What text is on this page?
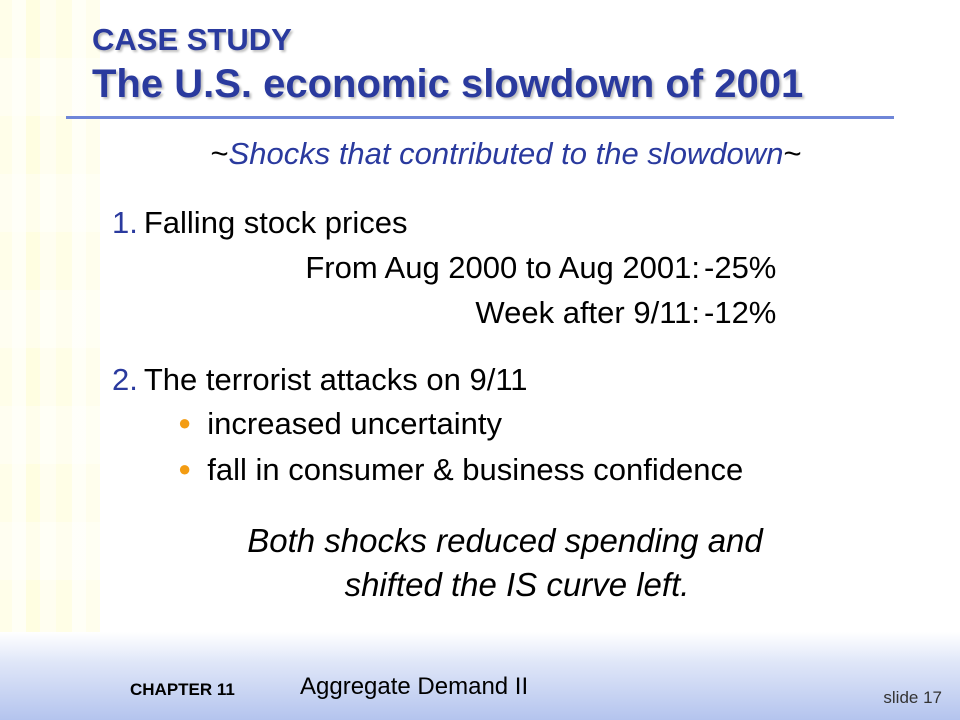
CASE STUDY
The U.S. economic slowdown of 2001
~Shocks that contributed to the slowdown~
1. Falling stock prices
From Aug 2000 to Aug 2001: -25%
Week after 9/11: -12%
2. The terrorist attacks on 9/11
● increased uncertainty
● fall in consumer & business confidence
Both shocks reduced spending and
shifted the IS curve left.
CHAPTER 11	Aggregate Demand II	slide 17
